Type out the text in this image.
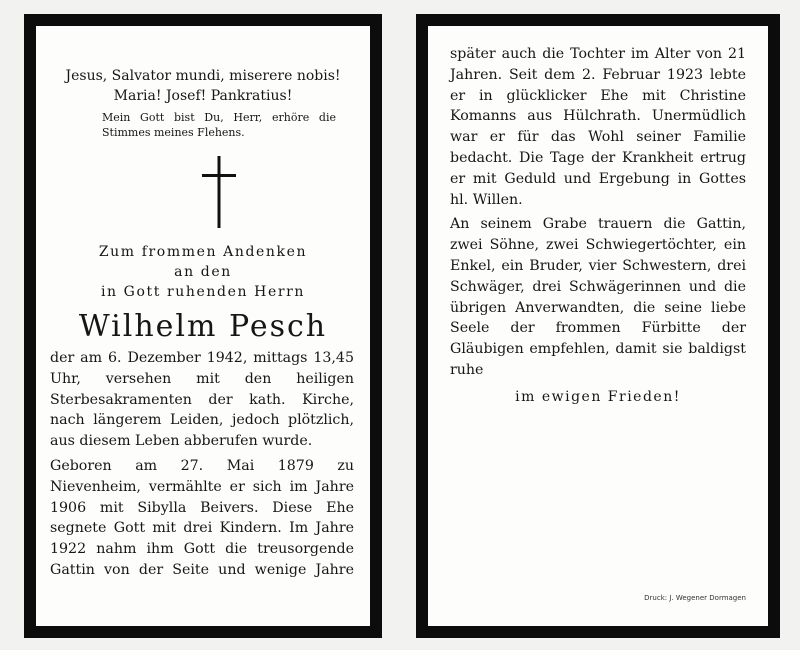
Jesus, Salvator mundi, miserere nobis!
Maria! Josef! Pankratius!
Mein Gott bist Du, Herr, erhöre die Stimmes meines Flehens.
Zum frommen Andenken
an den
in Gott ruhenden Herrn
Wilhelm Pesch
der am 6. Dezember 1942, mittags 13,45 Uhr, versehen mit den heiligen Sterbesakramenten der kath. Kirche, nach längerem Leiden, jedoch plötzlich, aus diesem Leben abberufen wurde.
Geboren am 27. Mai 1879 zu Nievenheim, vermählte er sich im Jahre 1906 mit Sibylla Beivers. Diese Ehe segnete Gott mit drei Kindern. Im Jahre 1922 nahm ihm Gott die treusorgende Gattin von der Seite und wenige Jahre
später auch die Tochter im Alter von 21 Jahren. Seit dem 2. Februar 1923 lebte er in glücklicker Ehe mit Christine Komanns aus Hülchrath. Unermüdlich war er für das Wohl seiner Familie bedacht. Die Tage der Krankheit ertrug er mit Geduld und Ergebung in Gottes hl. Willen.
An seinem Grabe trauern die Gattin, zwei Söhne, zwei Schwiegertöchter, ein Enkel, ein Bruder, vier Schwestern, drei Schwäger, drei Schwägerinnen und die übrigen Anverwandten, die seine liebe Seele der frommen Fürbitte der Gläubigen empfehlen, damit sie baldigst ruhe
im ewigen Frieden!
Druck: J. Wegener Dormagen
